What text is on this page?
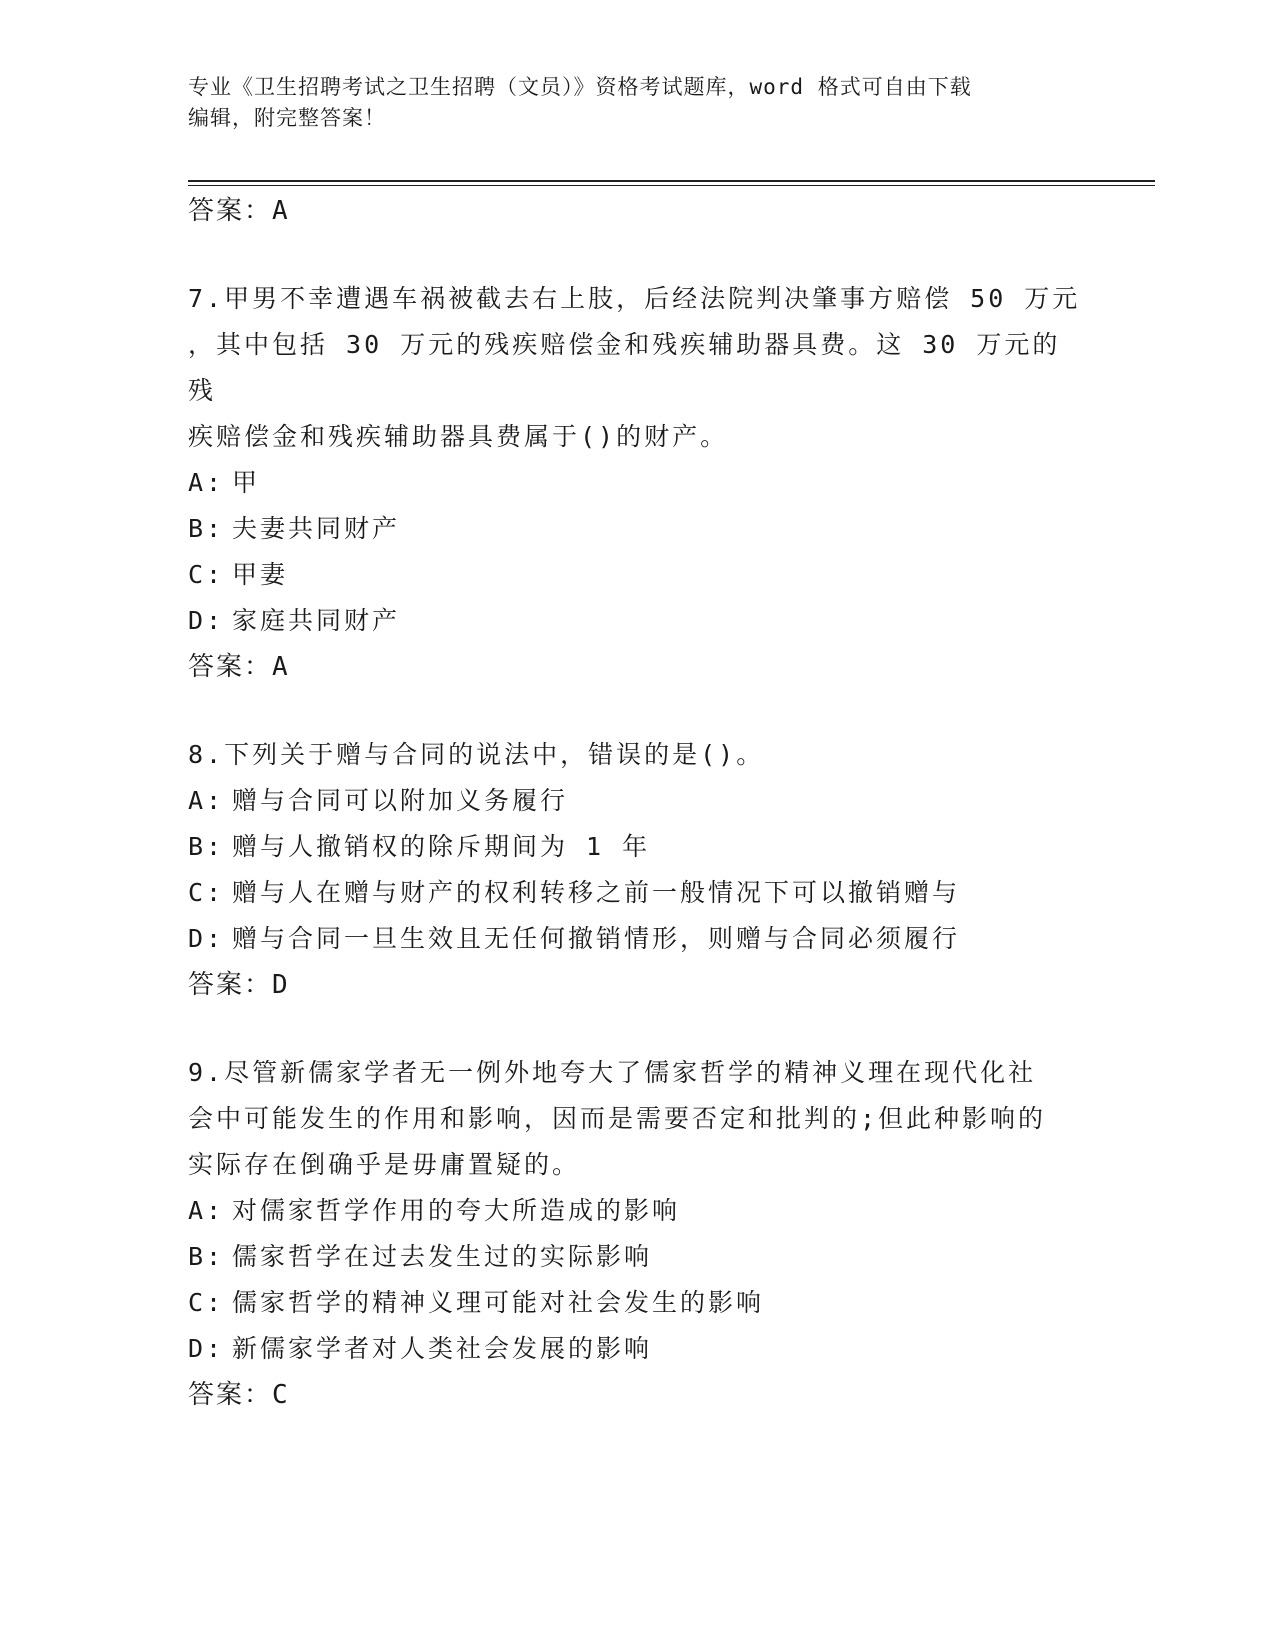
专业《卫生招聘考试之卫生招聘（文员）》资格考试题库，word 格式可自由下载
编辑，附完整答案！
答案：A
7.甲男不幸遭遇车祸被截去右上肢，后经法院判决肇事方赔偿 50 万元
，其中包括 30 万元的残疾赔偿金和残疾辅助器具费。这 30 万元的残
疾赔偿金和残疾辅助器具费属于()的财产。
A: 甲
B: 夫妻共同财产
C: 甲妻
D: 家庭共同财产
答案：A
8.下列关于赠与合同的说法中，错误的是()。
A: 赠与合同可以附加义务履行
B: 赠与人撤销权的除斥期间为 1 年
C: 赠与人在赠与财产的权利转移之前一般情况下可以撤销赠与
D: 赠与合同一旦生效且无任何撤销情形，则赠与合同必须履行
答案：D
9.尽管新儒家学者无一例外地夸大了儒家哲学的精神义理在现代化社
会中可能发生的作用和影响，因而是需要否定和批判的;但此种影响的
实际存在倒确乎是毋庸置疑的。
A: 对儒家哲学作用的夸大所造成的影响
B: 儒家哲学在过去发生过的实际影响
C: 儒家哲学的精神义理可能对社会发生的影响
D: 新儒家学者对人类社会发展的影响
答案：C
